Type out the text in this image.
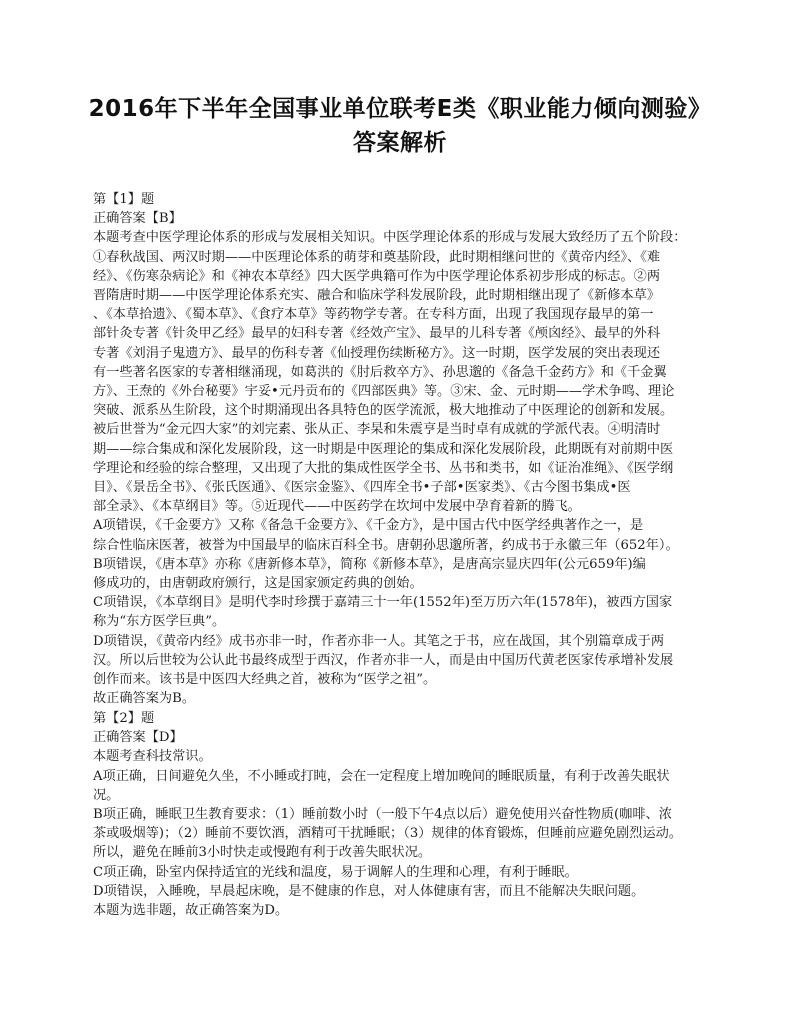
2016年下半年全国事业单位联考E类《职业能力倾向测验》
答案解析
第【1】题
正确答案【B】
本题考查中医学理论体系的形成与发展相关知识。中医学理论体系的形成与发展大致经历了五个阶段：
①春秋战国、两汉时期——中医理论体系的萌芽和奠基阶段，此时期相继问世的《黄帝内经》、《难
经》、《伤寒杂病论》和《神农本草经》四大医学典籍可作为中医学理论体系初步形成的标志。②两
晋隋唐时期——中医学理论体系充实、融合和临床学科发展阶段，此时期相继出现了《新修本草》
、《本草拾遗》、《蜀本草》、《食疗本草》等药物学专著。在专科方面，出现了我国现存最早的第一
部针灸专著《针灸甲乙经》最早的妇科专著《经效产宝》、最早的儿科专著《颅囟经》、最早的外科
专著《刘涓子鬼遗方》、最早的伤科专著《仙授理伤续断秘方》。这一时期，医学发展的突出表现还
有一些著名医家的专著相继涌现，如葛洪的《肘后救卒方》、孙思邈的《备急千金药方》和《千金翼
方》、王焘的《外台秘要》宇妥•元丹贡布的《四部医典》等。③宋、金、元时期——学术争鸣、理论
突破、派系丛生阶段，这个时期涌现出各具特色的医学流派，极大地推动了中医理论的创新和发展。
被后世誉为“金元四大家”的刘完素、张从正、李杲和朱震亨是当时卓有成就的学派代表。④明清时
期——综合集成和深化发展阶段，这一时期是中医理论的集成和深化发展阶段，此期既有对前期中医
学理论和经验的综合整理，又出现了大批的集成性医学全书、丛书和类书，如《证治准绳》、《医学纲
目》、《景岳全书》、《张氏医通》、《医宗金鉴》、《四库全书•子部•医家类》、《古今图书集成•医
部全录》、《本草纲目》等。⑤近现代——中医药学在坎坷中发展中孕育着新的腾飞。
A项错误，《千金要方》又称《备急千金要方》、《千金方》，是中国古代中医学经典著作之一，是
综合性临床医著，被誉为中国最早的临床百科全书。唐朝孙思邈所著，约成书于永徽三年（652年）。
B项错误，《唐本草》亦称《唐新修本草》，简称《新修本草》，是唐高宗显庆四年(公元659年)编
修成功的，由唐朝政府颁行，这是国家颁定药典的创始。
C项错误，《本草纲目》是明代李时珍撰于嘉靖三十一年(1552年)至万历六年(1578年)，被西方国家
称为“东方医学巨典”。
D项错误，《黄帝内经》成书亦非一时，作者亦非一人。其笔之于书，应在战国，其个别篇章成于两
汉。所以后世较为公认此书最终成型于西汉，作者亦非一人，而是由中国历代黄老医家传承增补发展
创作而来。该书是中医四大经典之首，被称为“医学之祖”。
故正确答案为B。
第【2】题
正确答案【D】
本题考查科技常识。
A项正确，日间避免久坐，不小睡或打盹，会在一定程度上增加晚间的睡眠质量，有利于改善失眠状
况。
B项正确，睡眠卫生教育要求：（1）睡前数小时（一般下午4点以后）避免使用兴奋性物质(咖啡、浓
茶或吸烟等)；（2）睡前不要饮酒，酒精可干扰睡眠；（3）规律的体育锻炼，但睡前应避免剧烈运动。
所以，避免在睡前3小时快走或慢跑有利于改善失眠状况。
C项正确，卧室内保持适宜的光线和温度，易于调解人的生理和心理，有利于睡眠。
D项错误，入睡晚，早晨起床晚，是不健康的作息，对人体健康有害，而且不能解决失眠问题。
本题为选非题，故正确答案为D。
